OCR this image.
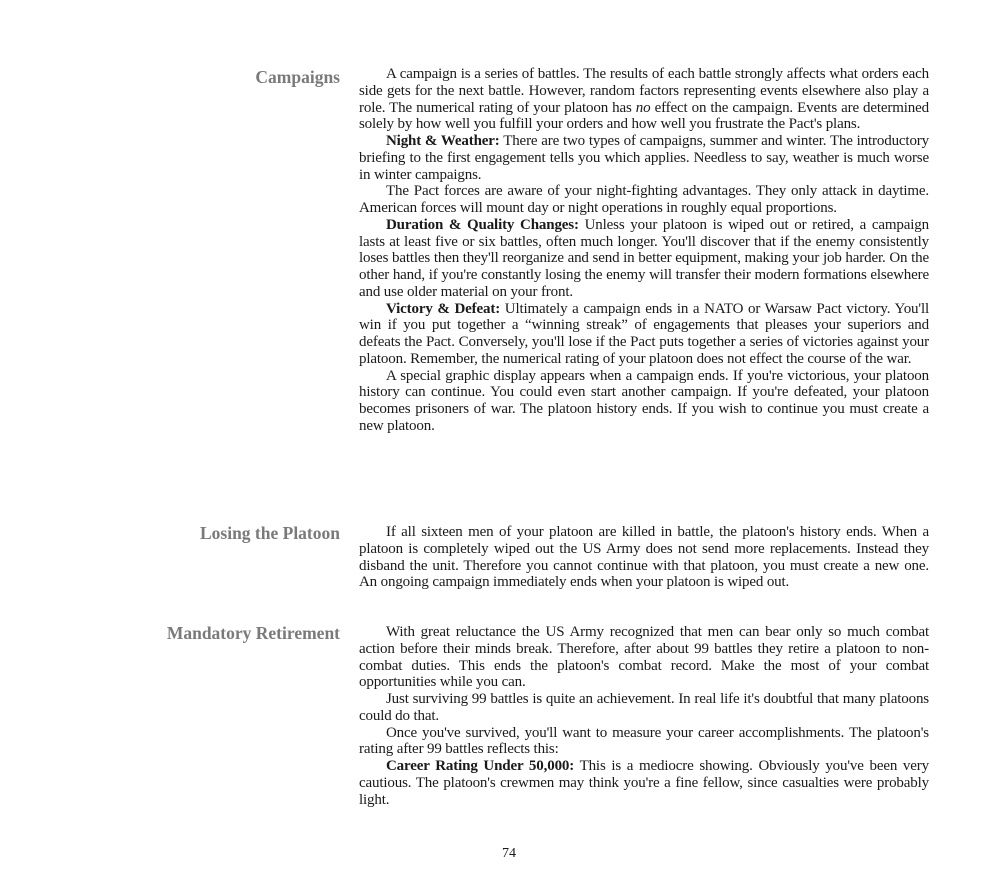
Campaigns	A campaign is a series of battles. The results of each battle strongly affects what orders each side gets for the next battle. However, random factors representing events elsewhere also play a role. The numerical rating of your platoon has no effect on the campaign. Events are determined solely by how well you fulfill your orders and how well you frustrate the Pact's plans.

Night & Weather: There are two types of campaigns, summer and winter. The introductory briefing to the first engagement tells you which applies. Needless to say, weather is much worse in winter campaigns.

The Pact forces are aware of your night-fighting advantages. They only attack in daytime. American forces will mount day or night operations in roughly equal proportions.

Duration & Quality Changes: Unless your platoon is wiped out or retired, a campaign lasts at least five or six battles, often much longer. You'll discover that if the enemy consistently loses battles then they'll reorganize and send in better equipment, making your job harder. On the other hand, if you're constantly losing the enemy will transfer their modern formations elsewhere and use older material on your front.

Victory & Defeat: Ultimately a campaign ends in a NATO or Warsaw Pact victory. You'll win if you put together a “winning streak” of engagements that pleases your superiors and defeats the Pact. Conversely, you'll lose if the Pact puts together a series of victories against your platoon. Remember, the numerical rating of your platoon does not effect the course of the war.

A special graphic display appears when a campaign ends. If you're victorious, your platoon history can continue. You could even start another campaign. If you're defeated, your platoon becomes prisoners of war. The platoon history ends. If you wish to continue you must create a new platoon.

Losing the Platoon	If all sixteen men of your platoon are killed in battle, the platoon's history ends. When a platoon is completely wiped out the US Army does not send more replacements. Instead they disband the unit. Therefore you cannot continue with that platoon, you must create a new one. An ongoing campaign immediately ends when your platoon is wiped out.

Mandatory Retirement	With great reluctance the US Army recognized that men can bear only so much combat action before their minds break. Therefore, after about 99 battles they retire a platoon to non-combat duties. This ends the platoon's combat record. Make the most of your combat opportunities while you can.

Just surviving 99 battles is quite an achievement. In real life it's doubtful that many platoons could do that.

Once you've survived, you'll want to measure your career accomplishments. The platoon's rating after 99 battles reflects this:

Career Rating Under 50,000: This is a mediocre showing. Obviously you've been very cautious. The platoon's crewmen may think you're a fine fellow, since casualties were probably light.

74
